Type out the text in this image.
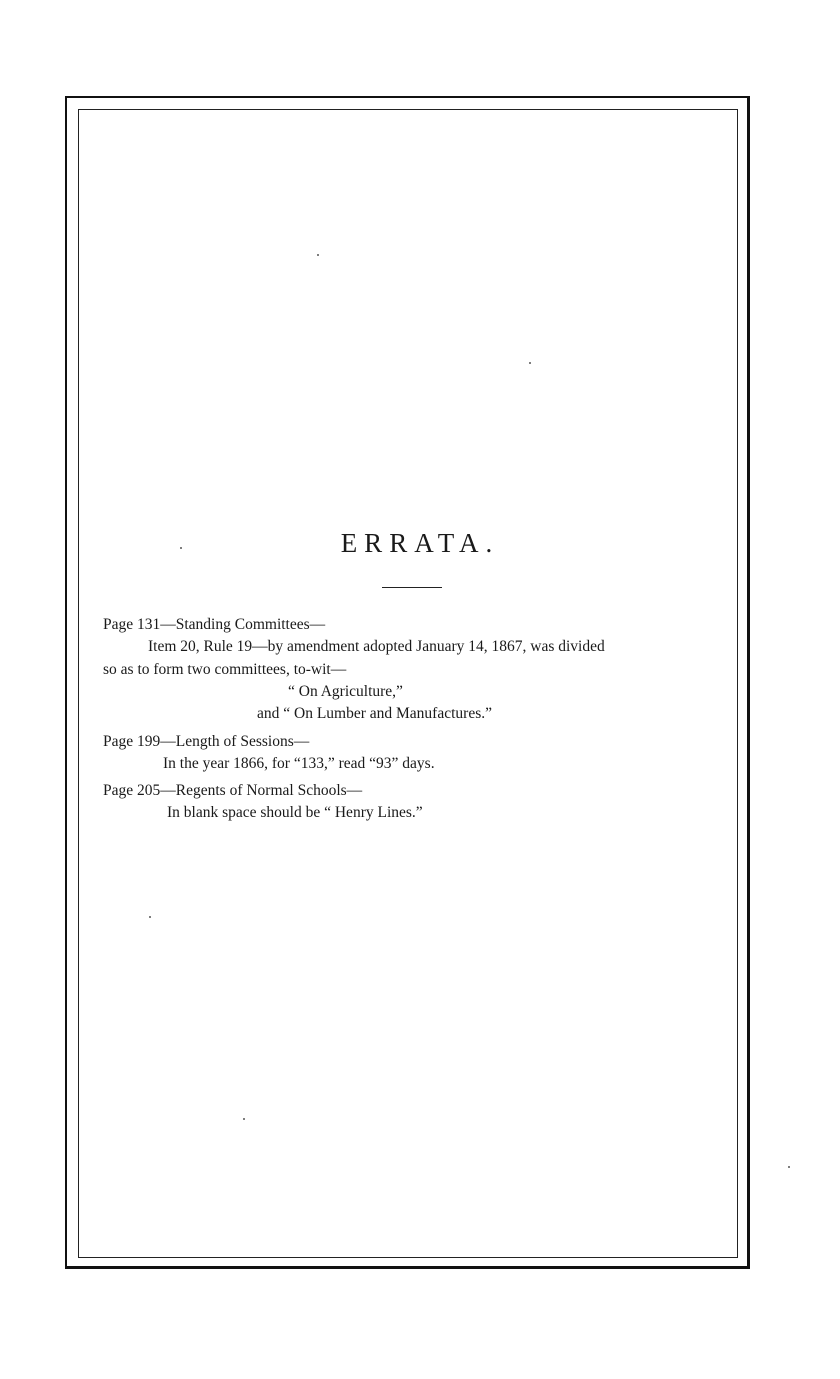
ERRATA.

Page 131—Standing Committees—

Item 20, Rule 19—by amendment adopted January 14, 1867, was divided

so as to form two committees, to-wit—

“ On Agriculture,”

and “ On Lumber and Manufactures.”

Page 199—Length of Sessions—

In the year 1866, for “133,” read “93” days.

Page 205—Regents of Normal Schools—

In blank space should be “ Henry Lines.”
